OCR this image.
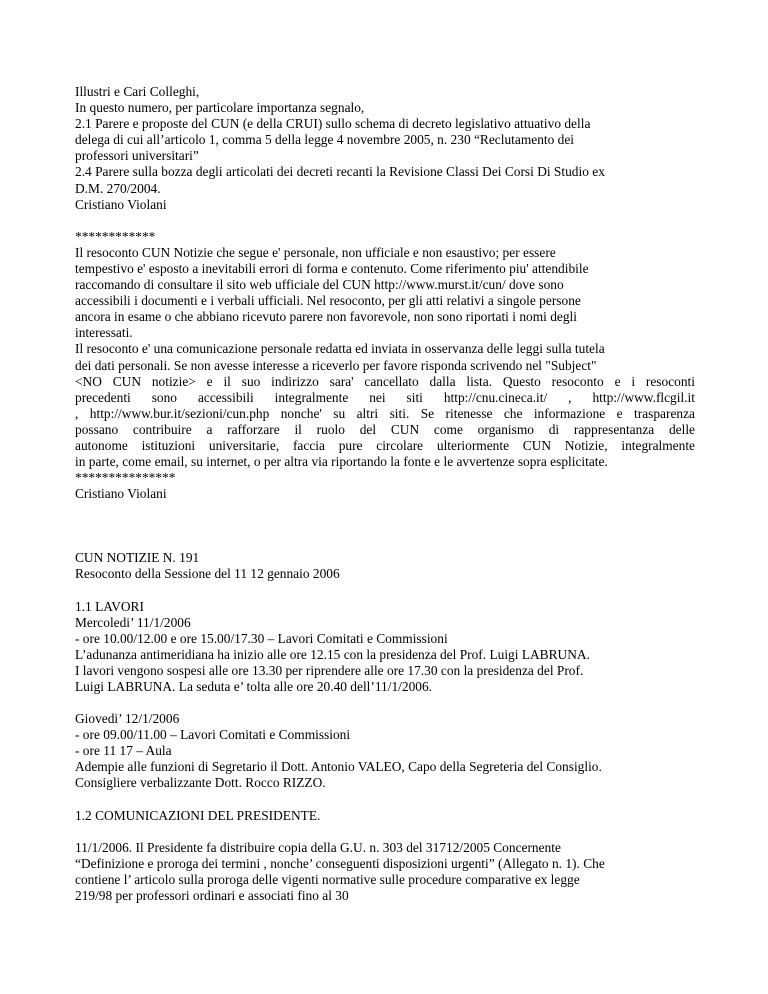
Illustri e Cari Colleghi,
In questo numero, per particolare importanza segnalo,
2.1 Parere e proposte del CUN (e della CRUI) sullo schema di decreto legislativo attuativo della
delega di cui all’articolo 1, comma 5 della legge 4 novembre 2005, n. 230 “Reclutamento dei
professori universitari”
2.4 Parere sulla bozza degli articolati dei decreti recanti la Revisione Classi Dei Corsi Di Studio ex
D.M. 270/2004.
Cristiano Violani
************
Il resoconto CUN Notizie che segue e' personale, non ufficiale e non esaustivo; per essere
tempestivo e' esposto a inevitabili errori di forma e contenuto. Come riferimento piu' attendibile
raccomando di consultare il sito web ufficiale del CUN http://www.murst.it/cun/ dove sono
accessibili i documenti e i verbali ufficiali. Nel resoconto, per gli atti relativi a singole persone
ancora in esame o che abbiano ricevuto parere non favorevole, non sono riportati i nomi degli
interessati.
Il resoconto e' una comunicazione personale redatta ed inviata in osservanza delle leggi sulla tutela
dei dati personali. Se non avesse interesse a riceverlo per favore risponda scrivendo nel "Subject"
<NO CUN notizie> e il suo indirizzo sara' cancellato dalla lista. Questo resoconto e i resoconti
precedenti sono accessibili integralmente nei siti http://cnu.cineca.it/ , http://www.flcgil.it
, http://www.bur.it/sezioni/cun.php nonche' su altri siti. Se ritenesse che informazione e trasparenza
possano contribuire a rafforzare il ruolo del CUN come organismo di rappresentanza delle
autonome istituzioni universitarie, faccia pure circolare ulteriormente CUN Notizie, integralmente
in parte, come email, su internet, o per altra via riportando la fonte e le avvertenze sopra esplicitate.
***************
Cristiano Violani
CUN NOTIZIE N. 191
Resoconto della Sessione del 11 12 gennaio 2006
1.1 LAVORI
Mercoledi’ 11/1/2006
- ore 10.00/12.00 e ore 15.00/17.30 – Lavori Comitati e Commissioni
L’adunanza antimeridiana ha inizio alle ore 12.15 con la presidenza del Prof. Luigi LABRUNA.
I lavori vengono sospesi alle ore 13.30 per riprendere alle ore 17.30 con la presidenza del Prof.
Luigi LABRUNA. La seduta e’ tolta alle ore 20.40 dell’11/1/2006.
Giovedi’ 12/1/2006
- ore 09.00/11.00 – Lavori Comitati e Commissioni
- ore 11 17 – Aula
Adempie alle funzioni di Segretario il Dott. Antonio VALEO, Capo della Segreteria del Consiglio.
Consigliere verbalizzante Dott. Rocco RIZZO.
1.2 COMUNICAZIONI DEL PRESIDENTE.
11/1/2006. Il Presidente fa distribuire copia della G.U. n. 303 del 31712/2005 Concernente
“Definizione e proroga dei termini , nonche’ conseguenti disposizioni urgenti” (Allegato n. 1). Che
contiene l’ articolo sulla proroga delle vigenti normative sulle procedure comparative ex legge
219/98 per professori ordinari e associati fino al 30
